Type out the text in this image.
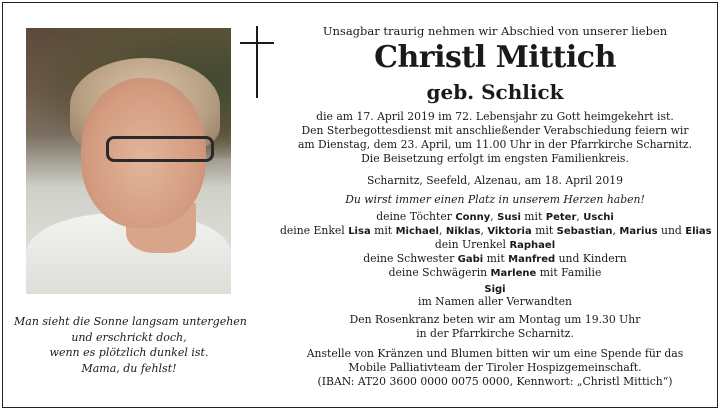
Man sieht die Sonne langsam untergehen
und erschrickt doch,
wenn es plötzlich dunkel ist.
Mama, du fehlst!
Unsagbar traurig nehmen wir Abschied von unserer lieben
Christl Mittich
geb. Schlick
die am 17. April 2019 im 72. Lebensjahr zu Gott heimgekehrt ist.
Den Sterbegottesdienst mit anschließender Verabschiedung feiern wir
am Dienstag, dem 23. April, um 11.00 Uhr in der Pfarrkirche Scharnitz.
Die Beisetzung erfolgt im engsten Familienkreis.
Scharnitz, Seefeld, Alzenau, am 18. April 2019
Du wirst immer einen Platz in unserem Herzen haben!
deine Töchter Conny, Susi mit Peter, Uschi
deine Enkel Lisa mit Michael, Niklas, Viktoria mit Sebastian, Marius und Elias
dein Urenkel Raphael
deine Schwester Gabi mit Manfred und Kindern
deine Schwägerin Marlene mit Familie
Sigi
im Namen aller Verwandten
Den Rosenkranz beten wir am Montag um 19.30 Uhr
in der Pfarrkirche Scharnitz.
Anstelle von Kränzen und Blumen bitten wir um eine Spende für das
Mobile Palliativteam der Tiroler Hospizgemeinschaft.
(IBAN: AT20 3600 0000 0075 0000, Kennwort: „Christl Mittich“)
